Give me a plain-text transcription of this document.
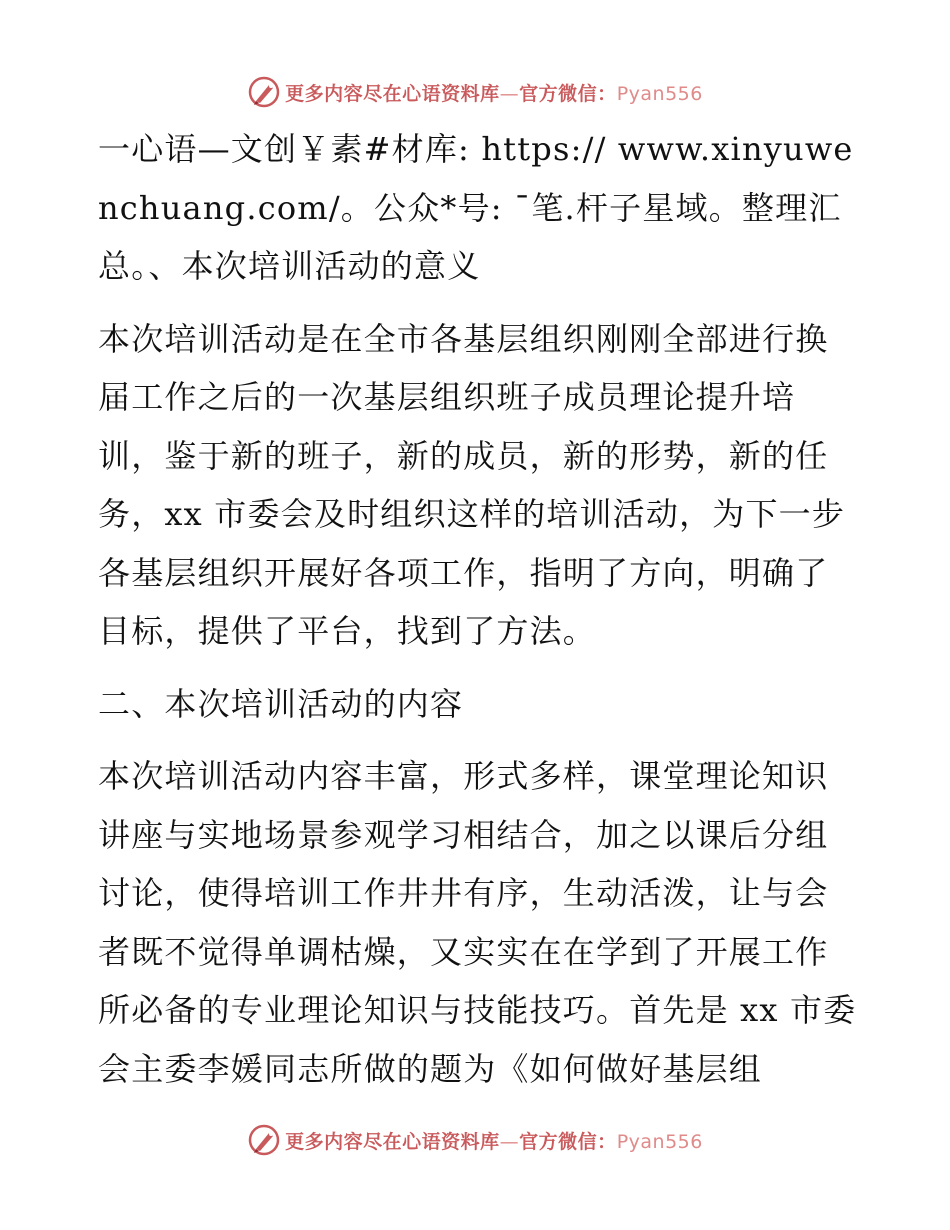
更多内容尽在心语资料库—官方微信：Pyan556

一心语—文创￥素#材库: https:// www.xinyuwenchuang.com/。公众*号: ¯笔.杆子星域。整理汇总。、本次培训活动的意义

本次培训活动是在全市各基层组织刚刚全部进行换届工作之后的一次基层组织班子成员理论提升培训，鉴于新的班子，新的成员，新的形势，新的任务，xx 市委会及时组织这样的培训活动，为下一步各基层组织开展好各项工作，指明了方向，明确了目标，提供了平台，找到了方法。

二、本次培训活动的内容

本次培训活动内容丰富，形式多样，课堂理论知识讲座与实地场景参观学习相结合，加之以课后分组讨论，使得培训工作井井有序，生动活泼，让与会者既不觉得单调枯燥，又实实在在学到了开展工作所必备的专业理论知识与技能技巧。首先是 xx 市委会主委李媛同志所做的题为《如何做好基层组

更多内容尽在心语资料库—官方微信：Pyan556
